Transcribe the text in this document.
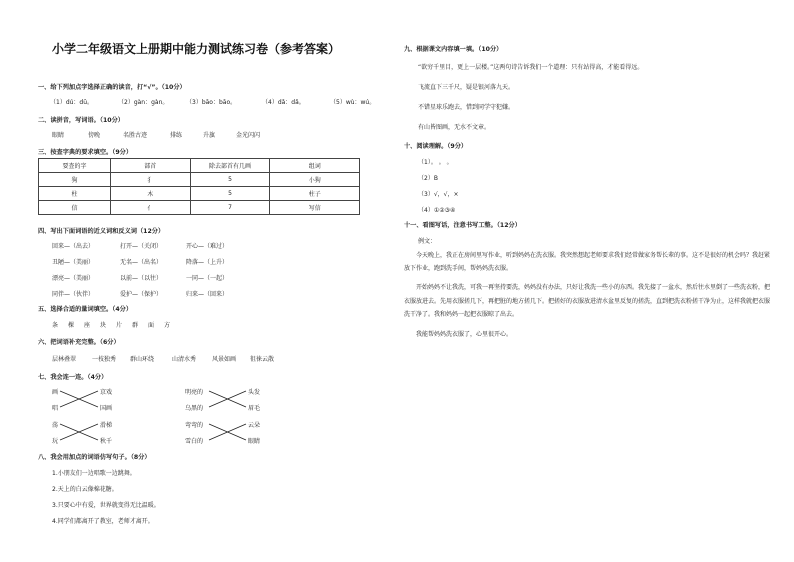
小学二年级语文上册期中能力测试练习卷（参考答案）
一、给下列加点字选择正确的读音，打“√”。（10分）
（1）dú：dū。	（2）gàn：gàn。	（3）bāo：bāo。	（4）dǎ：dǎ。	（5）wù：wú。
二、读拼音，写词语。（10分）
眼睛	傍晚	名胜古迹	排练	升旗	金光闪闪
三、按查字典的要求填空。（9分）
要查的字	部首	除去部首有几画	组词
狗	犭	5	小狗
柱	木	5	柱子
信	亻	7	写信
四、写出下面词语的近义词和反义词（12分）
回来—（出去）	打开—（关闭）	开心—（难过）
丑陋—（美丽）	无名—（出名）	降落—（上升）
漂亮—（美丽）	以前—（以往）	一同—（一起）
同伴—（伙伴）	爱护—（保护）	归来—（回来）
五、选择合适的量词填空。（4分）
条 棵 座 块 片 群 面 方
六、把词语补充完整。（6分）
层林叠翠	一枝独秀 群山环绕	山清水秀	风景如画 徂徕云散
七、我会连一连。（4分）
画
唱
荡
玩
京戏
国画
滑梯
秋千
明亮的
乌黑的
弯弯的
雪白的
头发
眉毛
云朵
眼睛
八、我会用加点的词语仿写句子。（8分）
1.小朋友们一边唱歌一边跳舞。
2.天上的白云像棉花糖。
3.只要心中有爱，世界就变得无比温暖。
4.同学们都离开了教室，老师才离开。
九、根据课文内容填一填。（10分）
“欲穷千里目，更上一层楼。”这两句诗告诉我们一个道理：只有站得高，才能看得远。
飞流直下三千尺，疑是银河落九天。
不错星球乐跑去，惜到同学守犯嫌。
有山皆图画，无水不文章。
十、阅读理解。（9分）
（1）。 。 。
（2）B
（3）√，√，×
（4）①②③④
十一、看图写话，注意书写工整。（12分）
例文：
今天晚上，我正在房间里写作业，听到妈妈在洗衣服。我突然想起老师要求我们经常做家务帮长辈的事。这不是很好的机会吗？我赶紧放下作业，跑到洗手间，帮妈妈洗衣服。
开始妈妈不让我洗，可我一再坚持要洗，妈妈没有办法，只好让我洗一些小的东西。我先接了一盆水，然后往水里倒了一些洗衣粉，把衣服放进去。先用衣服搓几下，再把脏的地方搓几下。把搓好的衣服放进清水盆里反复的搓洗，直到把洗衣粉搓干净为止，这样我就把衣服洗干净了。我和妈妈一起把衣服晾了出去。
我能帮妈妈洗衣服了，心里很开心。
